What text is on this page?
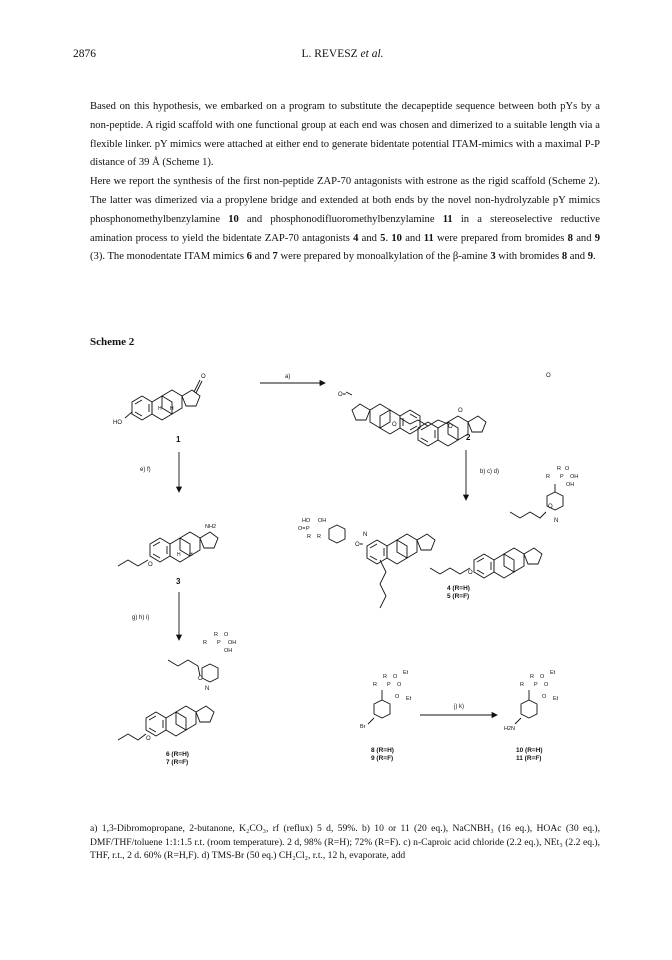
2876	L. REVESZ et al.

Based on this hypothesis, we embarked on a program to substitute the decapeptide sequence between both pYs by a non-peptide. A rigid scaffold with one functional group at each end was chosen and dimerized to a suitable length via a flexible linker. pY mimics were attached at either end to generate bidentate potential ITAM-mimics with a maximal P-P distance of 39 Å (Scheme 1).

Here we report the synthesis of the first non-peptide ZAP-70 antagonists with estrone as the rigid scaffold (Scheme 2). The latter was dimerized via a propylene bridge and extended at both ends by the novel non-hydrolyzable pY mimics phosphonomethylbenzylamine 10 and phosphonodifluoromethylbenzylamine 11 in a stereoselective reductive amination process to yield the bidentate ZAP-70 antagonists 4 and 5. 10 and 11 were prepared from bromides 8 and 9 (3). The monodentate ITAM mimics 6 and 7 were prepared by monoalkylation of the β-amine 3 with bromides 8 and 9.

Scheme 2
O
HO
H H
1
a)
O	O
O=
O
O
2
e) f)	b) c) d)	R O
R P OH
OH
O
NH2
H H
3
O
O=
N
HO OH
O= P
R R
O
N
4 (R=H)
5 (R=F)
g) h) i)
O
O
N
R O
R P OH
OH
6 (R=H)
7 (R=F)
R O
Et
R P O
O Et
Br
8 (R=H)
9 (R=F)
j) k)
R O
Et
R P O
O Et
H2N
10 (R=H)
11 (R=F)
a) 1,3-Dibromopropane, 2-butanone, K₂CO₃, rf (reflux) 5 d, 59%. b) 10 or 11 (20 eq.), NaCNBH₃ (16 eq.), HOAc (30 eq.), DMF/THF/toluene 1:1:1.5 r.t. (room temperature). 2 d, 98% (R=H); 72% (R=F). c) n-Caproic acid chloride (2.2 eq.), NEt₃ (2.2 eq.), THF, r.t., 2 d. 60% (R=H,F). d) TMS-Br (50 eq.) CH₂Cl₂, r.t., 12 h, evaporate, add
